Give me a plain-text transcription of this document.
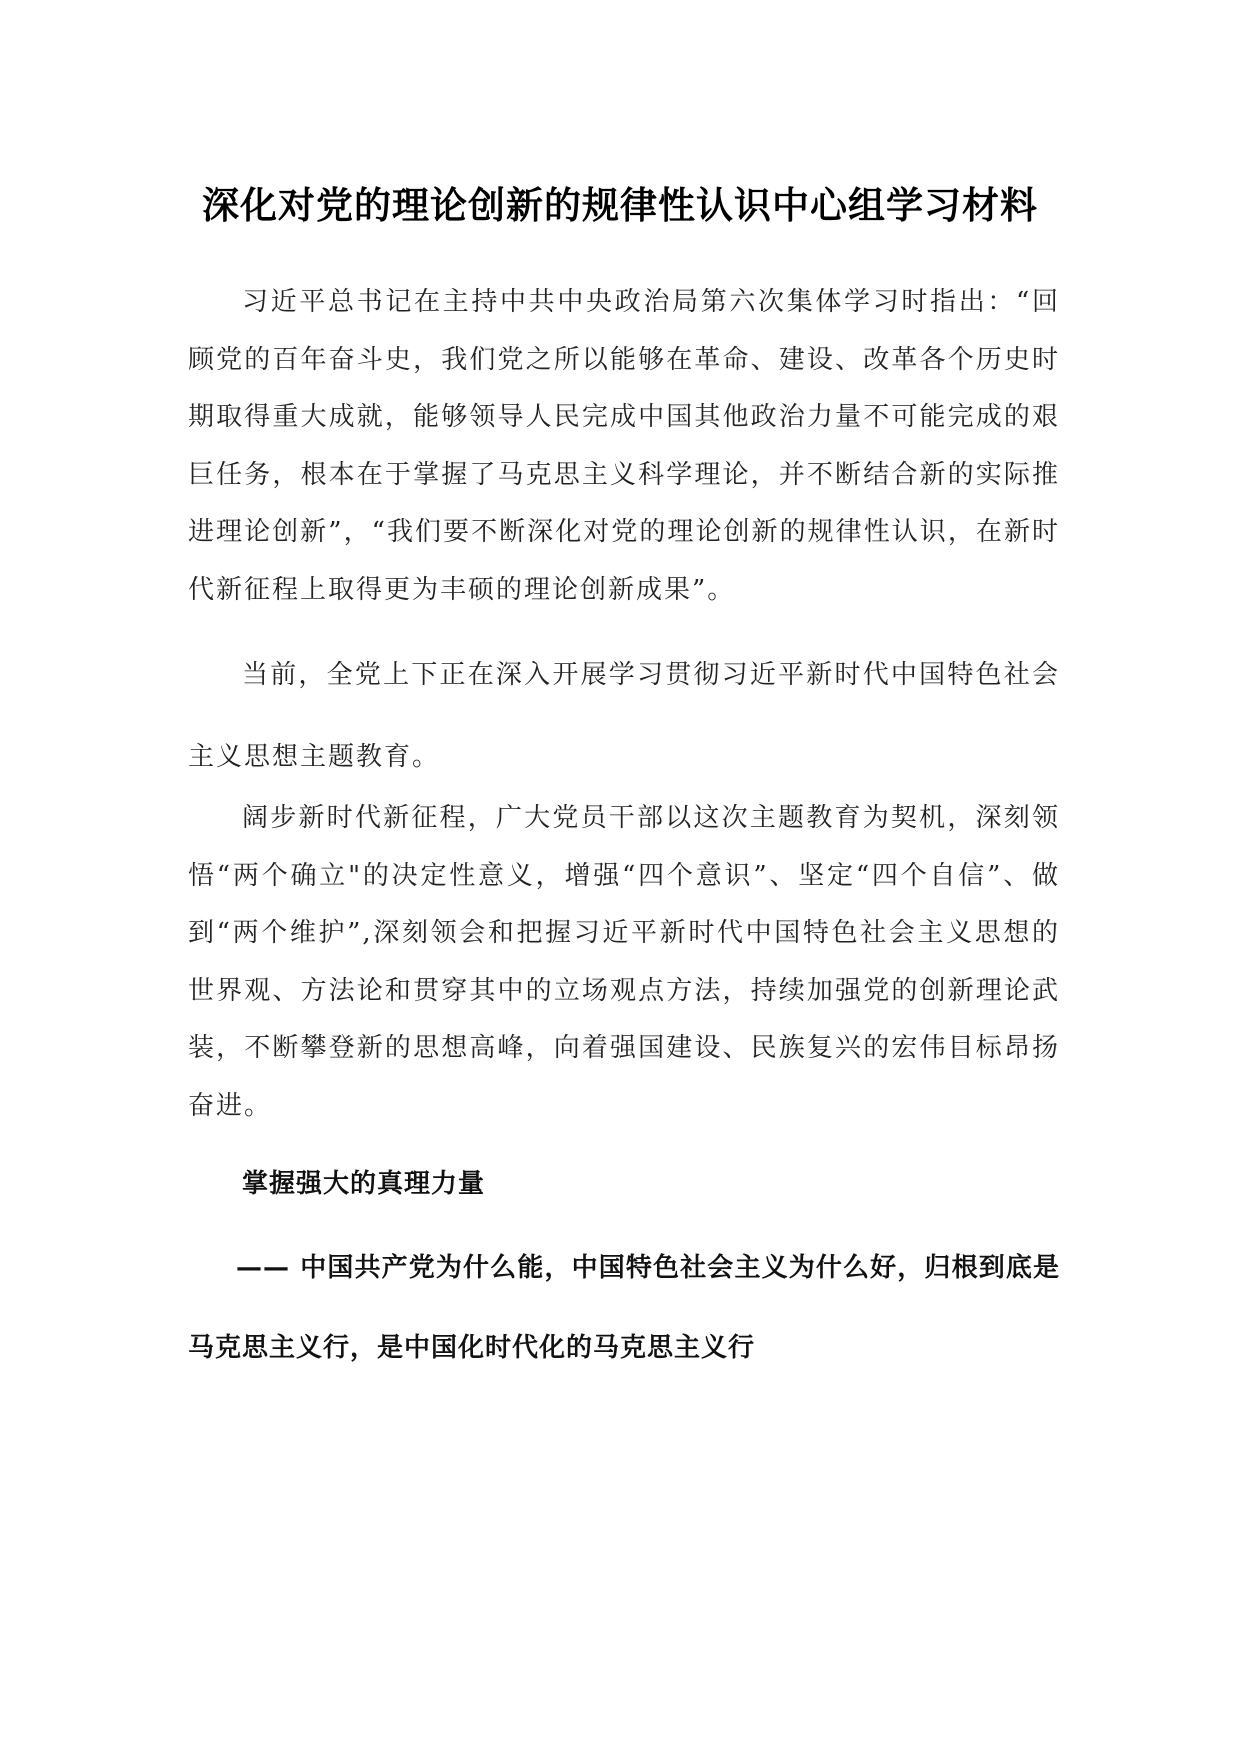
深化对党的理论创新的规律性认识中心组学习材料

习近平总书记在主持中共中央政治局第六次集体学习时指出：“回顾党的百年奋斗史，我们党之所以能够在革命、建设、改革各个历史时期取得重大成就，能够领导人民完成中国其他政治力量不可能完成的艰巨任务，根本在于掌握了马克思主义科学理论，并不断结合新的实际推进理论创新”，“我们要不断深化对党的理论创新的规律性认识，在新时代新征程上取得更为丰硕的理论创新成果”。

当前，全党上下正在深入开展学习贯彻习近平新时代中国特色社会主义思想主题教育。

阔步新时代新征程，广大党员干部以这次主题教育为契机，深刻领悟“两个确立"的决定性意义，增强“四个意识”、坚定“四个自信”、做到“两个维护”,深刻领会和把握习近平新时代中国特色社会主义思想的世界观、方法论和贯穿其中的立场观点方法，持续加强党的创新理论武装，不断攀登新的思想高峰，向着强国建设、民族复兴的宏伟目标昂扬奋进。

掌握强大的真理力量

—— 中国共产党为什么能，中国特色社会主义为什么好，归根到底是马克思主义行，是中国化时代化的马克思主义行
